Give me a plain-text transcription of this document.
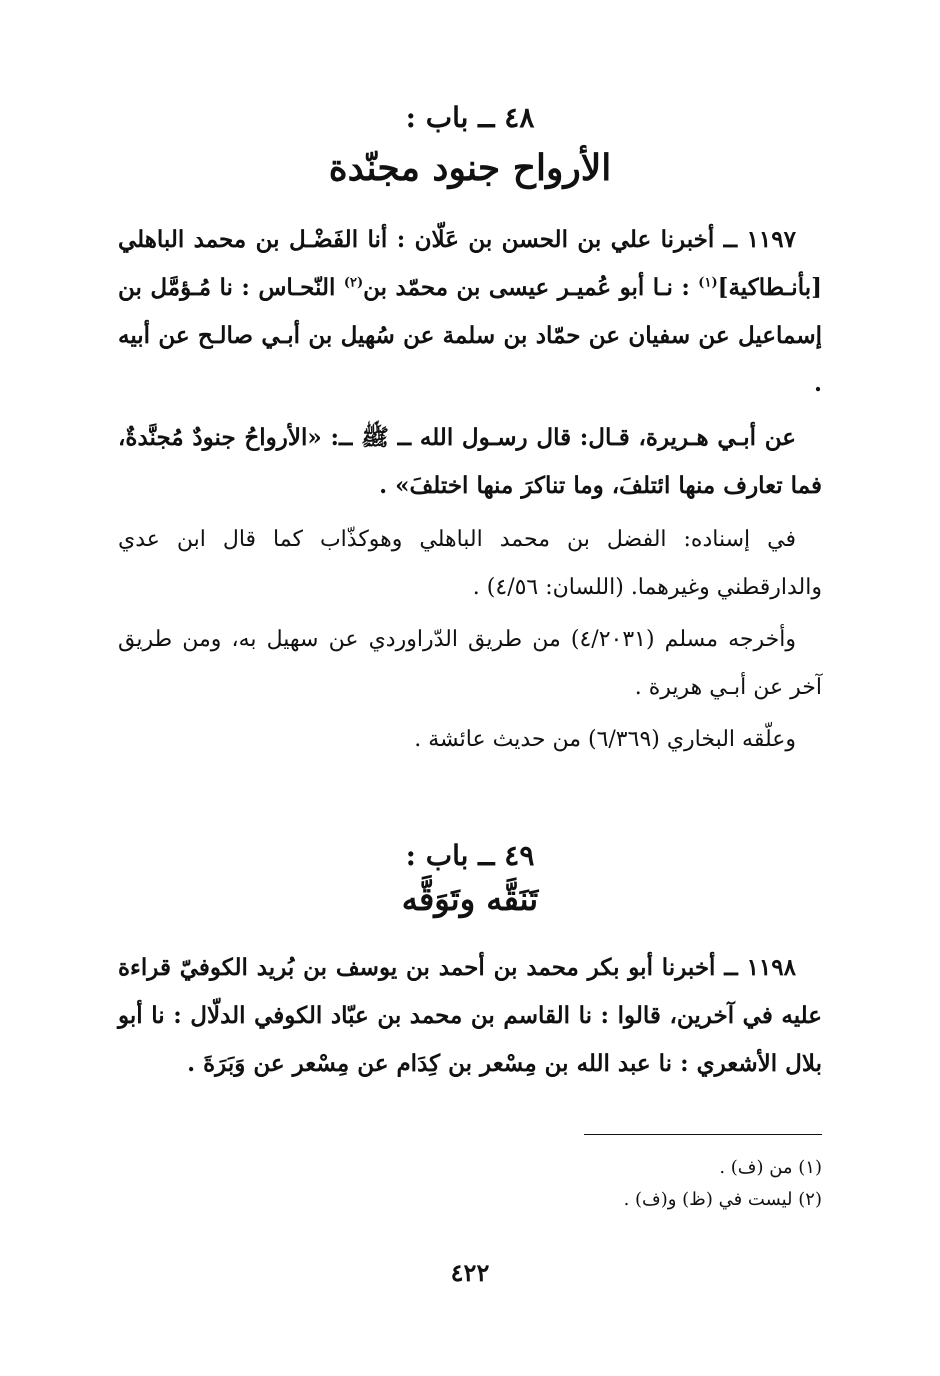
٤٨ ــ باب :

الأرواح جنود مجنّدة

١١٩٧ ــ أخبرنا علي بن الحسن بن عَلّان : أنا الفَضْـل بن محمد الباهلي [بأنـطاكية]$^{(١)}$ : نـا أبو عُميـر عيسى بن محمّد بن$^{(٢)}$ النّحـاس : نا مُـؤمَّل بن إسماعيل عن سفيان عن حمّاد بن سلمة عن سُهيل بن أبـي صالـح عن أبيه .

عن أبـي هـريرة، قـال: قال رسـول الله ــ ﷺ ــ: «الأرواحُ جنودٌ مُجنَّدةٌ، فما تعارف منها ائتلفَ، وما تناكرَ منها اختلفَ» .

في إسناده: الفضل بن محمد الباهلي وهوكذّاب كما قال ابن عدي والدارقطني وغيرهما. (اللسان: ٤/٥٦) .

وأخرجه مسلم (٤/٢٠٣١) من طريق الدّراوردي عن سهيل به، ومن طريق آخر عن أبـي هريرة .

وعلّقه البخاري (٦/٣٦٩) من حديث عائشة .

٤٩ ــ باب :

تَنَقَّه وتَوَقَّه

١١٩٨ ــ أخبرنا أبو بكر محمد بن أحمد بن يوسف بن بُريد الكوفيّ قراءة عليه في آخرين، قالوا : نا القاسم بن محمد بن عبّاد الكوفي الدلّال : نا أبو بلال الأشعري : نا عبد الله بن مِسْعر بن كِدَام عن مِسْعر عن وَبَرَةَ .

(١) من (ف) .

(٢) ليست في (ظ) و(ف) .

٤٢٢
